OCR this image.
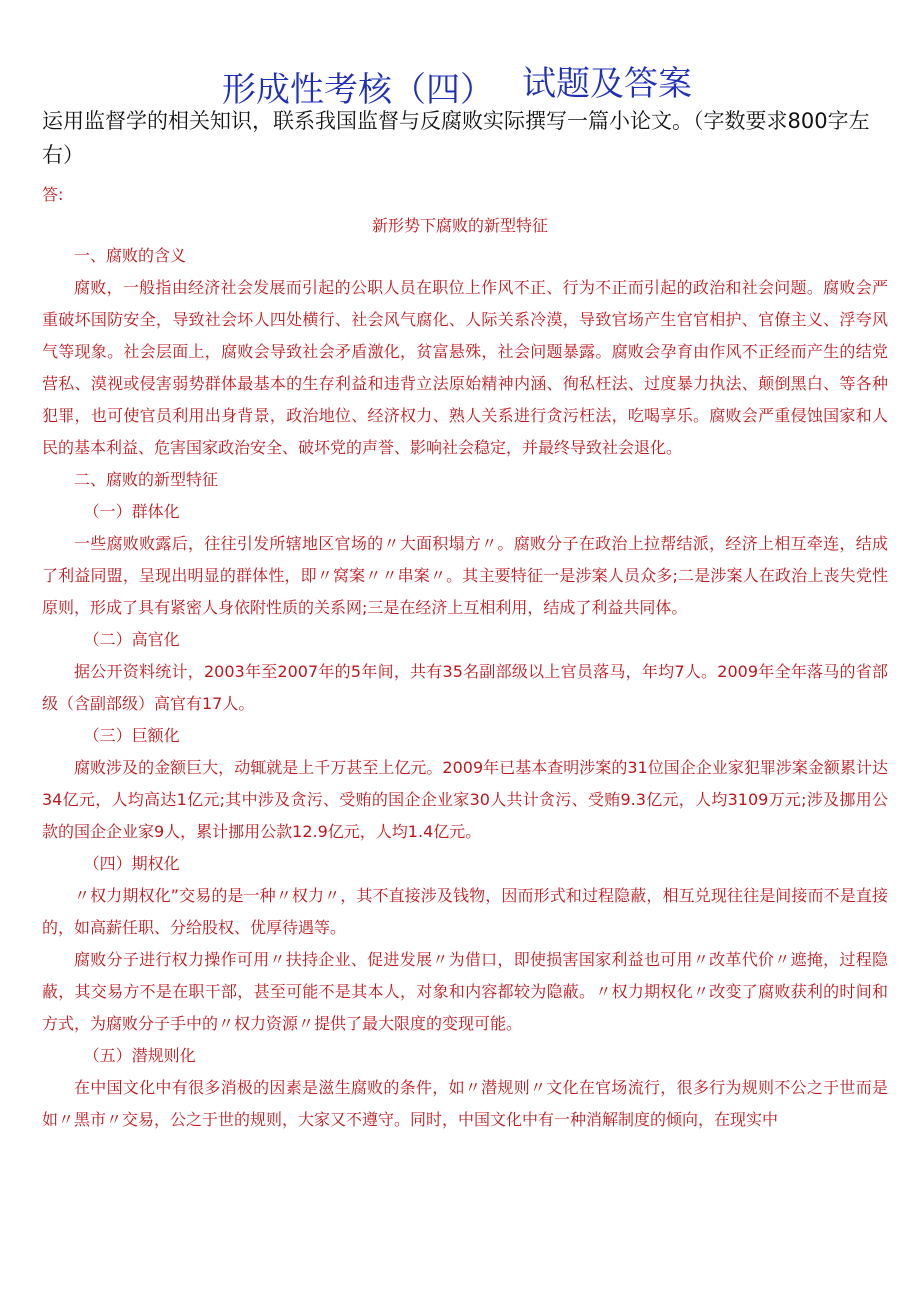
形成性考核（四） 试题及答案
运用监督学的相关知识，联系我国监督与反腐败实际撰写一篇小论文。（字数要求800字左右）
答:
新形势下腐败的新型特征
一、腐败的含义

腐败，一般指由经济社会发展而引起的公职人员在职位上作风不正、行为不正而引起的政治和社会问题。腐败会严重破坏国防安全，导致社会坏人四处横行、社会风气腐化、人际关系冷漠，导致官场产生官官相护、官僚主义、浮夸风气等现象。社会层面上，腐败会导致社会矛盾激化，贫富悬殊，社会问题暴露。腐败会孕育由作风不正经而产生的结党营私、漠视或侵害弱势群体最基本的生存利益和违背立法原始精神内涵、徇私枉法、过度暴力执法、颠倒黑白、等各种犯罪，也可使官员利用出身背景，政治地位、经济权力、熟人关系进行贪污枉法，吃喝享乐。腐败会严重侵蚀国家和人民的基本利益、危害国家政治安全、破坏党的声誉、影响社会稳定，并最终导致社会退化。

二、腐败的新型特征
（一）群体化

一些腐败败露后，往往引发所辖地区官场的〃大面积塌方〃。腐败分子在政治上拉帮结派，经济上相互牵连，结成了利益同盟，呈现出明显的群体性，即〃窝案〃〃串案〃。其主要特征一是涉案人员众多;二是涉案人在政治上丧失党性原则，形成了具有紧密人身依附性质的关系网;三是在经济上互相利用，结成了利益共同体。

（二）高官化

据公开资料统计，2003年至2007年的5年间，共有35名副部级以上官员落马，年均7人。2009年全年落马的省部级（含副部级）高官有17人。

（三）巨额化

腐败涉及的金额巨大，动辄就是上千万甚至上亿元。2009年已基本查明涉案的31位国企企业家犯罪涉案金额累计达34亿元，人均高达1亿元;其中涉及贪污、受贿的国企企业家30人共计贪污、受贿9.3亿元，人均3109万元;涉及挪用公款的国企企业家9人，累计挪用公款12.9亿元，人均1.4亿元。

（四）期权化

〃权力期权化”交易的是一种〃权力〃，其不直接涉及钱物，因而形式和过程隐蔽，相互兑现往往是间接而不是直接的，如高薪任职、分给股权、优厚待遇等。

腐败分子进行权力操作可用〃扶持企业、促进发展〃为借口，即使损害国家利益也可用〃改革代价〃遮掩，过程隐蔽，其交易方不是在职干部，甚至可能不是其本人，对象和内容都较为隐蔽。〃权力期权化〃改变了腐败获利的时间和方式，为腐败分子手中的〃权力资源〃提供了最大限度的变现可能。

（五）潜规则化

在中国文化中有很多消极的因素是滋生腐败的条件，如〃潜规则〃文化在官场流行，很多行为规则不公之于世而是如〃黑市〃交易，公之于世的规则，大家又不遵守。同时，中国文化中有一种消解制度的倾向，在现实中
